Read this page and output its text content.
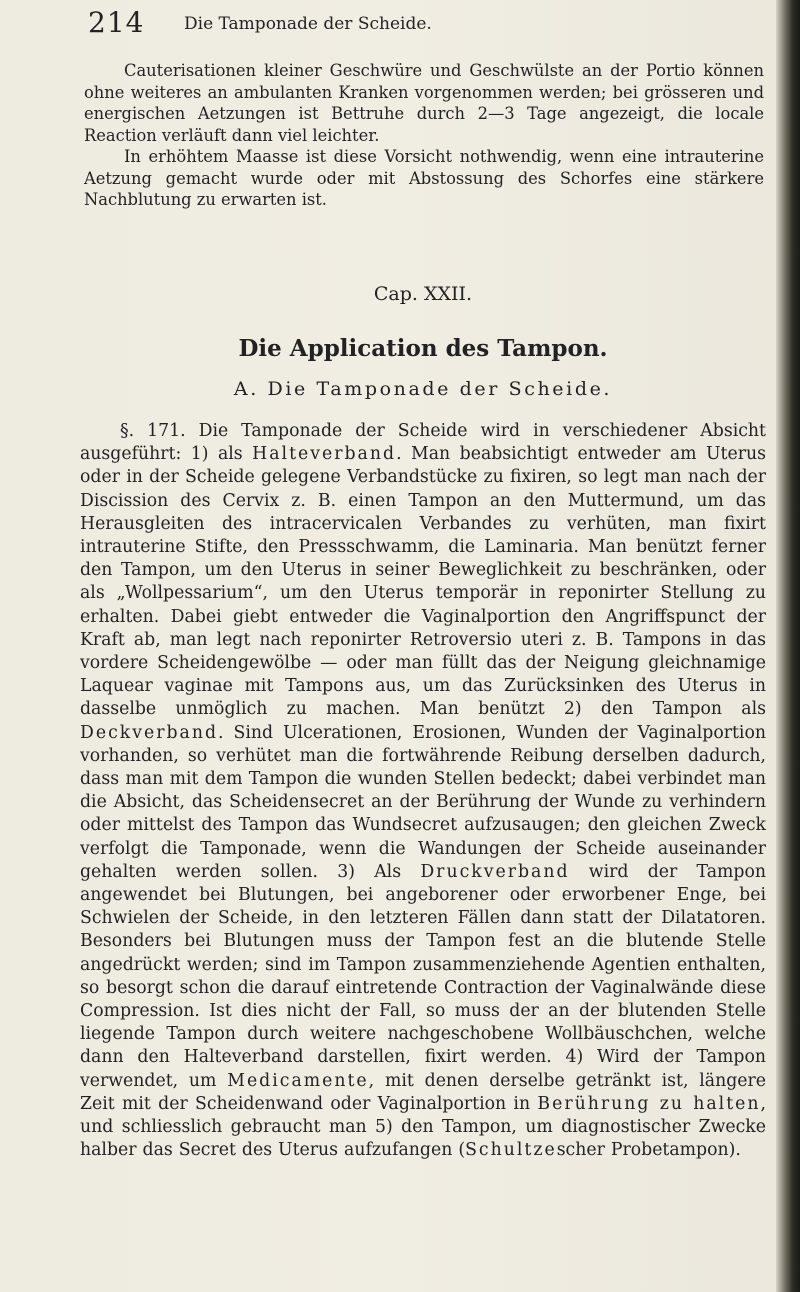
214 Die Tamponade der Scheide.

Cauterisationen kleiner Geschwüre und Geschwülste an der Portio können ohne weiteres an ambulanten Kranken vorgenommen werden; bei grösseren und energischen Aetzungen ist Bettruhe durch 2—3 Tage angezeigt, die locale Reaction verläuft dann viel leichter.

In erhöhtem Maasse ist diese Vorsicht nothwendig, wenn eine intrauterine Aetzung gemacht wurde oder mit Abstossung des Schorfes eine stärkere Nachblutung zu erwarten ist.

Cap. XXII.
Die Application des Tampon.
A. Die Tamponade der Scheide.

§. 171. Die Tamponade der Scheide wird in verschiedener Absicht ausgeführt: 1) als Halteverband. Man beabsichtigt entweder am Uterus oder in der Scheide gelegene Verbandstücke zu fixiren, so legt man nach der Discission des Cervix z. B. einen Tampon an den Muttermund, um das Herausgleiten des intracervicalen Verbandes zu verhüten, man fixirt intrauterine Stifte, den Pressschwamm, die Laminaria. Man benützt ferner den Tampon, um den Uterus in seiner Beweglichkeit zu beschränken, oder als „Wollpessarium“, um den Uterus temporär in reponirter Stellung zu erhalten. Dabei giebt entweder die Vaginalportion den Angriffspunct der Kraft ab, man legt nach reponirter Retroversio uteri z. B. Tampons in das vordere Scheidengewölbe — oder man füllt das der Neigung gleichnamige Laquear vaginae mit Tampons aus, um das Zurücksinken des Uterus in dasselbe unmöglich zu machen. Man benützt 2) den Tampon als Deckverband. Sind Ulcerationen, Erosionen, Wunden der Vaginalportion vorhanden, so verhütet man die fortwährende Reibung derselben dadurch, dass man mit dem Tampon die wunden Stellen bedeckt; dabei verbindet man die Absicht, das Scheidensecret an der Berührung der Wunde zu verhindern oder mittelst des Tampon das Wundsecret aufzusaugen; den gleichen Zweck verfolgt die Tamponade, wenn die Wandungen der Scheide auseinander gehalten werden sollen. 3) Als Druckverband wird der Tampon angewendet bei Blutungen, bei angeborener oder erworbener Enge, bei Schwielen der Scheide, in den letzteren Fällen dann statt der Dilatatoren. Besonders bei Blutungen muss der Tampon fest an die blutende Stelle angedrückt werden; sind im Tampon zusammenziehende Agentien enthalten, so besorgt schon die darauf eintretende Contraction der Vaginalwände diese Compression. Ist dies nicht der Fall, so muss der an der blutenden Stelle liegende Tampon durch weitere nachgeschobene Wollbäuschchen, welche dann den Halteverband darstellen, fixirt werden. 4) Wird der Tampon verwendet, um Medicamente, mit denen derselbe getränkt ist, längere Zeit mit der Scheidenwand oder Vaginalportion in Berührung zu halten, und schliesslich gebraucht man 5) den Tampon, um diagnostischer Zwecke halber das Secret des Uterus aufzufangen (Schultzescher Probetampon).
